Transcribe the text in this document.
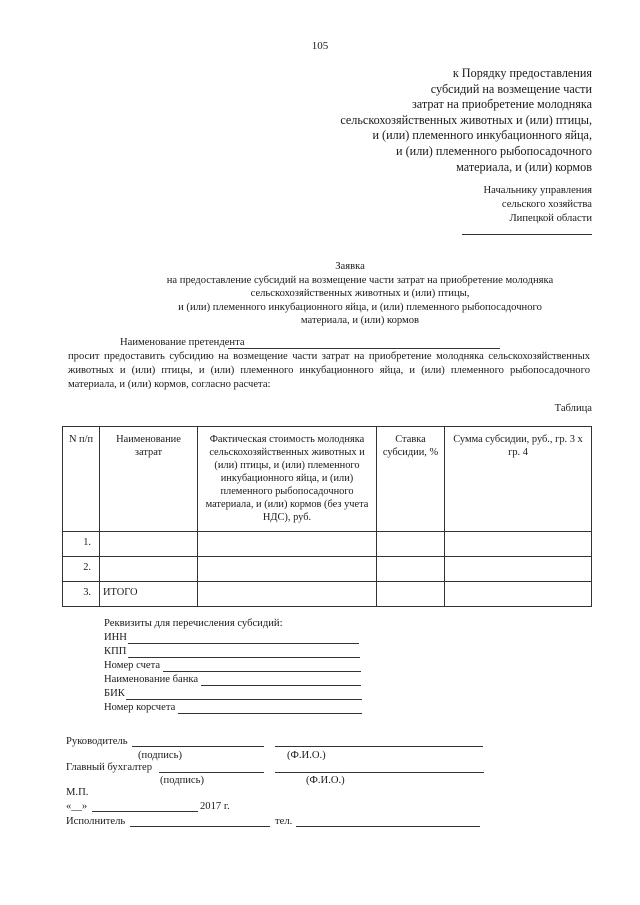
105
к Порядку предоставления
субсидий на возмещение части
затрат на приобретение молодняка
сельскохозяйственных животных и (или) птицы,
и (или) племенного инкубационного яйца,
и (или) племенного рыбопосадочного
материала, и (или) кормов
Начальнику управления
сельского хозяйства
Липецкой области
Заявка
на предоставление субсидий на возмещение части затрат на приобретение молодняка
сельскохозяйственных животных и (или) птицы,
и (или) племенного инкубационного яйца, и (или) племенного рыбопосадочного
материала, и (или) кормов
Наименование претендента
просит предоставить субсидию на возмещение части затрат на приобретение молодняка сельскохозяйственных животных и (или) птицы, и (или) племенного инкубационного яйца, и (или) племенного рыбопосадочного материала, и (или) кормов, согласно расчета:
Таблица
N п/п	Наименование затрат	Фактическая стоимость молодняка сельскохозяйственных животных и (или) птицы, и (или) племенного инкубационного яйца, и (или) племенного рыбопосадочного материала, и (или) кормов (без учета НДС), руб.	Ставка субсидии, %	Сумма субсидии, руб., гр. 3 х гр. 4
1.				
2.				
3.	ИТОГО			
Реквизиты для перечисления субсидий:
ИНН
КПП
Номер счета
Наименование банка
БИК
Номер корсчета
Руководитель
(подпись)	(Ф.И.О.)
Главный бухгалтер
(подпись)	(Ф.И.О.)
М.П.
«__»	2017 г.
Исполнитель	тел.
